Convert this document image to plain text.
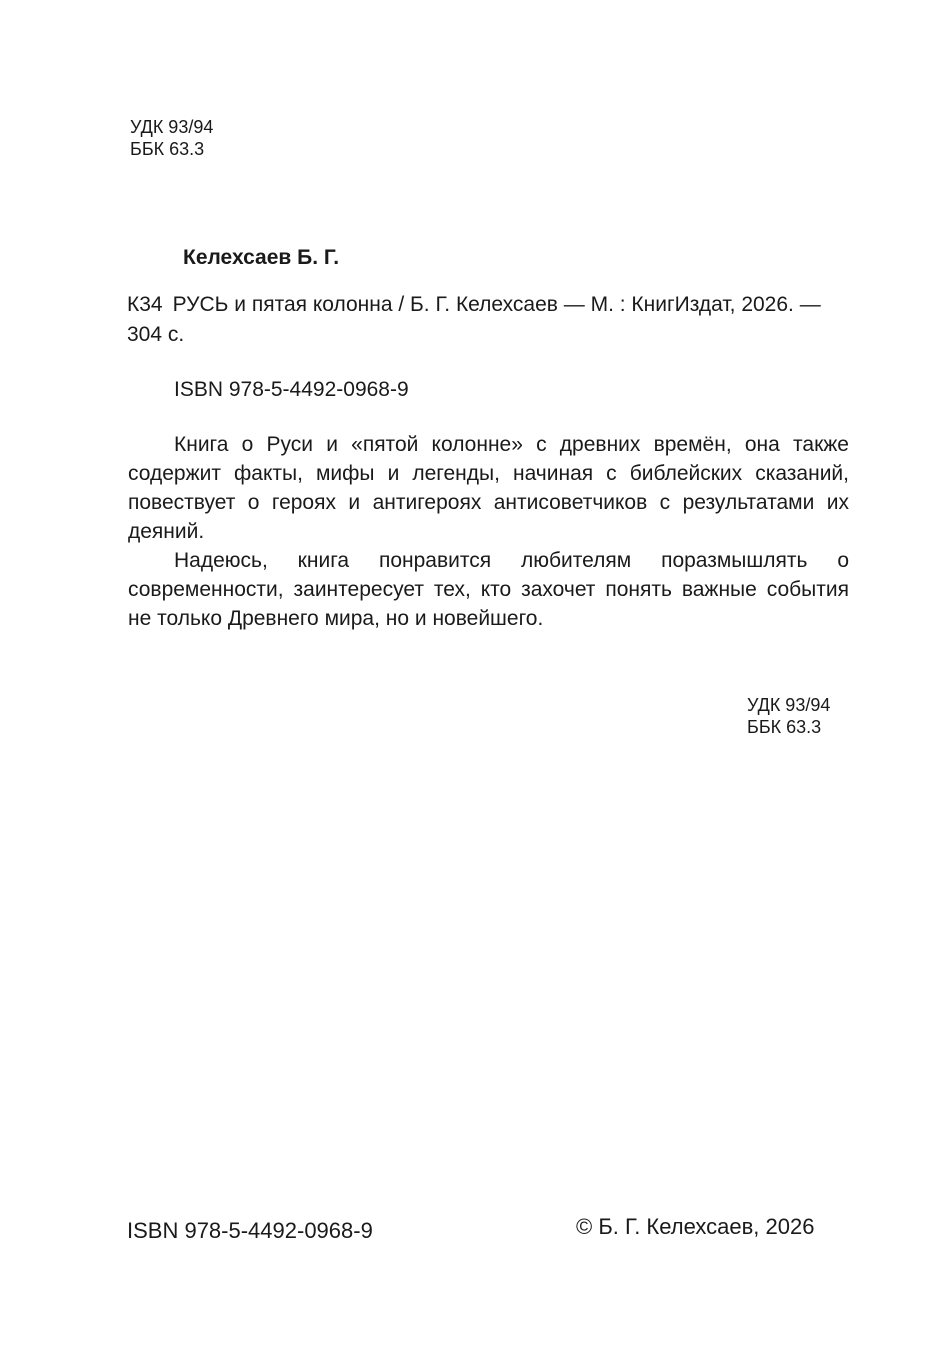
УДК 93/94
ББК 63.3
Келехсаев Б. Г.
К34 РУСЬ и пятая колонна / Б. Г. Келехсаев — М. : КнигИздат, 2026. — 304 с.
ISBN 978-5-4492-0968-9

Книга о Руси и «пятой колонне» с древних времён, она также содержит факты, мифы и легенды, начиная с библейских сказаний, повествует о героях и антигероях антисоветчиков с результатами их деяний.

Надеюсь, книга понравится любителям поразмышлять о современности, заинтересует тех, кто захочет понять важные события не только Древнего мира, но и новейшего.

УДК 93/94
ББК 63.3
ISBN 978-5-4492-0968-9	© Б. Г. Келехсаев, 2026
